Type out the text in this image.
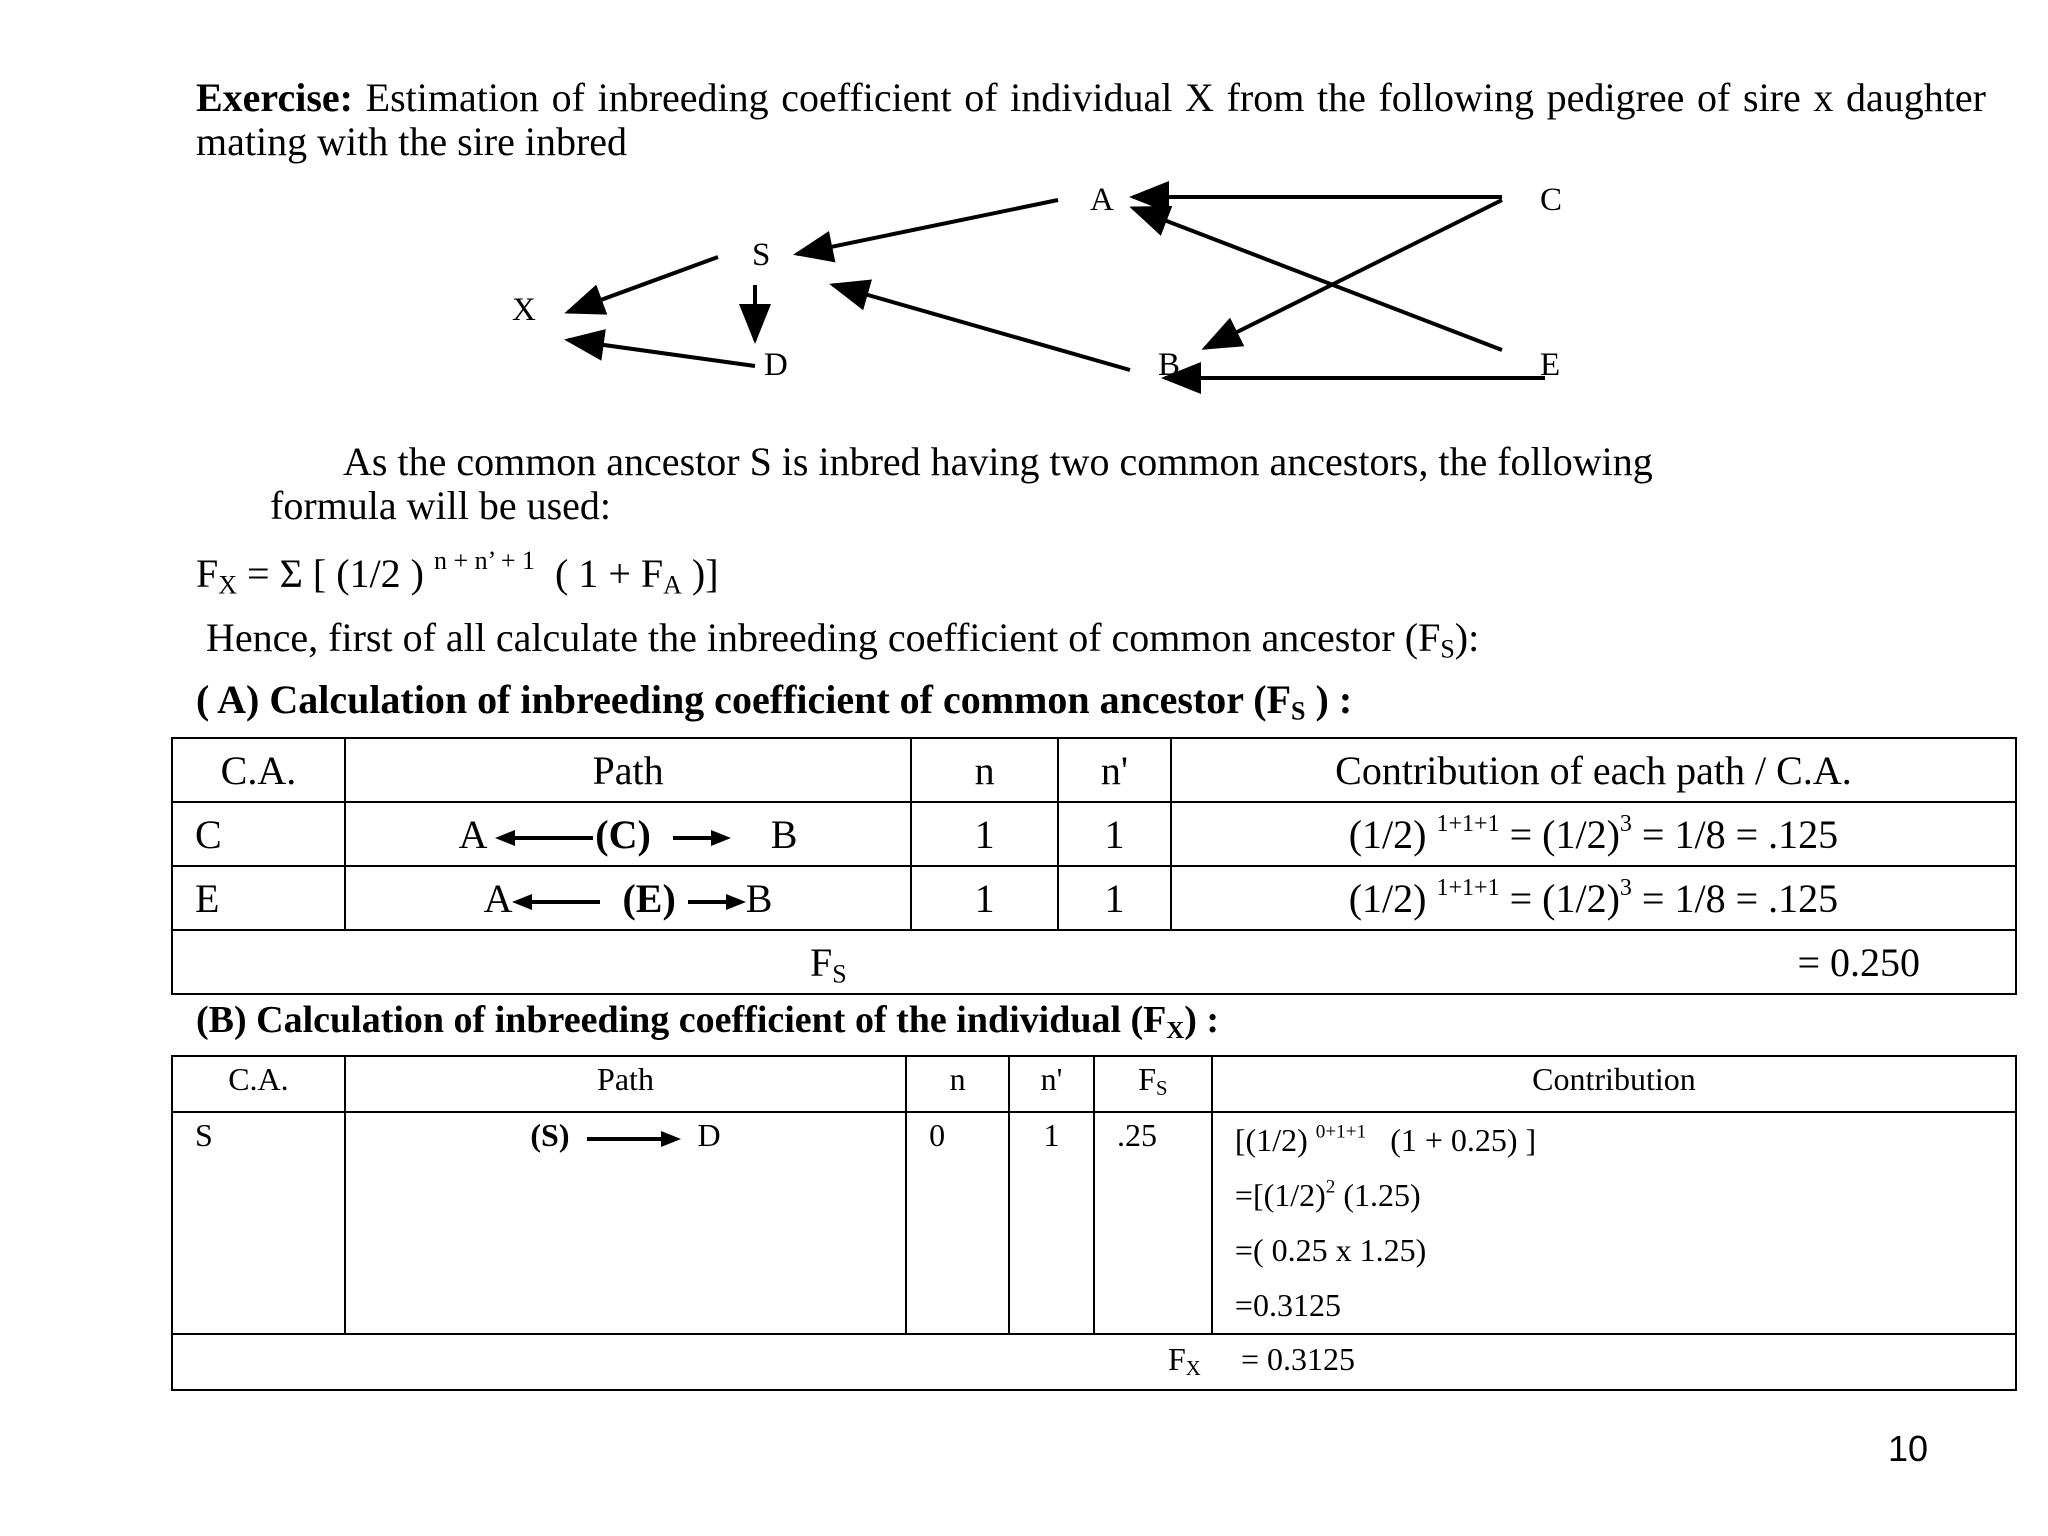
Exercise: Estimation of inbreeding coefficient of individual X from the following pedigree of sire x daughter mating with the sire inbred
X
S
D
A	C
B	E
As the common ancestor S is inbred having two common ancestors, the following
formula will be used:
$F_X = \Sigma$ [ (1/2 ) $^{n + n’ + 1}$ ( $1 + F_A$ )]
Hence, first of all calculate the inbreeding coefficient of common ancestor $(F_S)$:
( A) Calculation of inbreeding coefficient of common ancestor ($F_S$ ) :
C.A.	Path	n	n'	Contribution of each path / C.A.
C	A (C) B	1	1	(1/2) $^{1+1+1} = (1/2)^3 = 1/8 = .125$
E	A (E) B	1	1	(1/2) $^{1+1+1} = (1/2)^3 = 1/8 = .125$

$F_S = 0.250$				
(B) Calculation of inbreeding coefficient of the individual $(F_X)$ :
C.A.	Path	n	n'	$F_S$	Contribution
S	(S) D	0	1	.25	[(1/2) $^{0+1+1}$ (1 + 0.25) ]
$=[(1/2)^2$ (1.25)
=( 0.25 x 1.25)
=0.3125

$F_X = 0.3125$					
10
